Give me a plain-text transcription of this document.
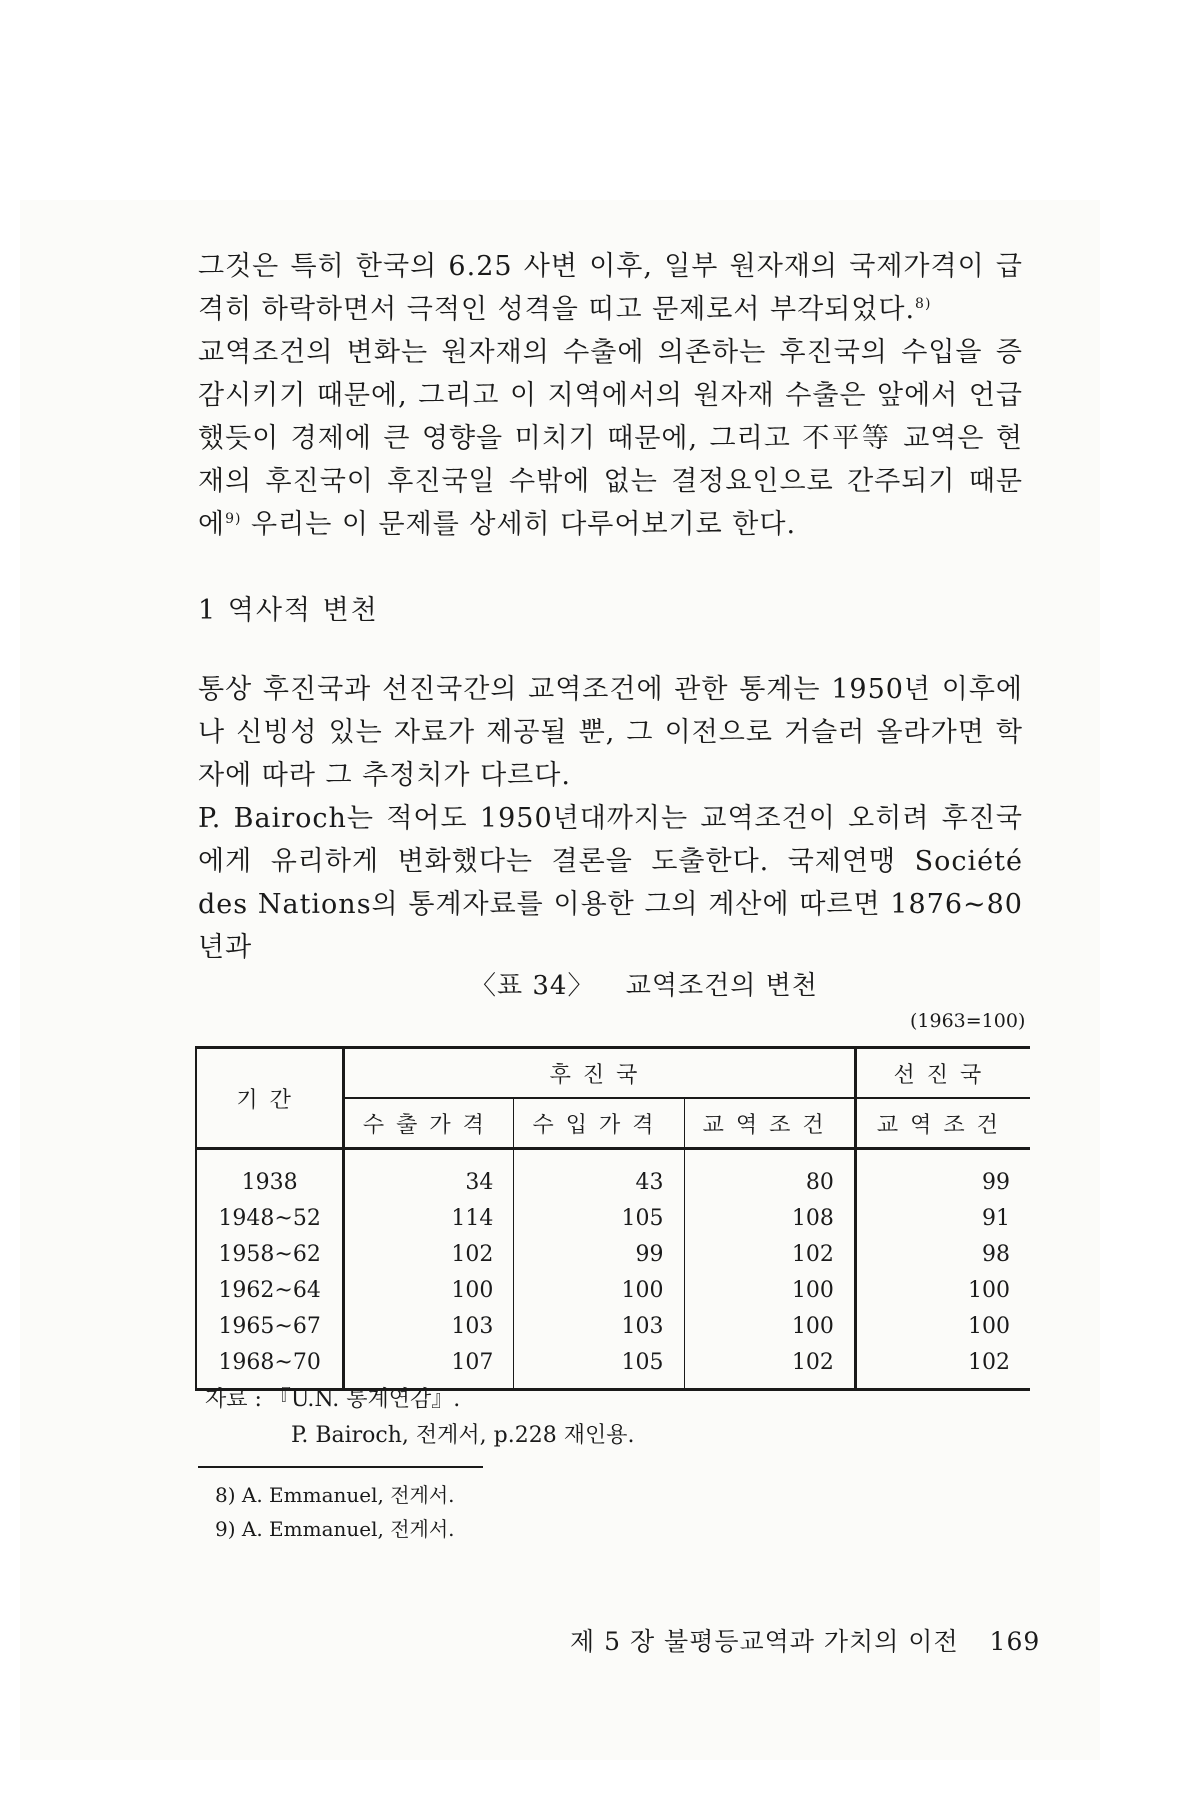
그것은 특히 한국의 6.25 사변 이후, 일부 원자재의 국제가격이 급격히 하락하면서 극적인 성격을 띠고 문제로서 부각되었다.$^{8)}$

교역조건의 변화는 원자재의 수출에 의존하는 후진국의 수입을 증감시키기 때문에, 그리고 이 지역에서의 원자재 수출은 앞에서 언급했듯이 경제에 큰 영향을 미치기 때문에, 그리고 不平等 교역은 현재의 후진국이 후진국일 수밖에 없는 결정요인으로 간주되기 때문에$^{9)}$ 우리는 이 문제를 상세히 다루어보기로 한다.

1 역사적 변천

통상 후진국과 선진국간의 교역조건에 관한 통계는 1950년 이후에나 신빙성 있는 자료가 제공될 뿐, 그 이전으로 거슬러 올라가면 학자에 따라 그 추정치가 다르다.

P. Bairoch는 적어도 1950년대까지는 교역조건이 오히려 후진국에게 유리하게 변화했다는 결론을 도출한다. 국제연맹 Société des Nations의 통계자료를 이용한 그의 계산에 따르면 1876~80년과

〈표 34〉 교역조건의 변천
(1963=100)
기간	후진국			선진국
	수출가격	수입가격	교역조건	교역조건
1938	34	43	80	99
1948~52	114	105	108	91
1958~62	102	99	102	98
1962~64	100	100	100	100
1965~67	103	103	100	100
1968~70	107	105	102	102
자료 : 『U.N. 통계연감』.
P. Bairoch, 전게서, p.228 재인용.
8) A. Emmanuel, 전게서.
9) A. Emmanuel, 전게서.
제 5 장 불평등교역과 가치의 이전 169
